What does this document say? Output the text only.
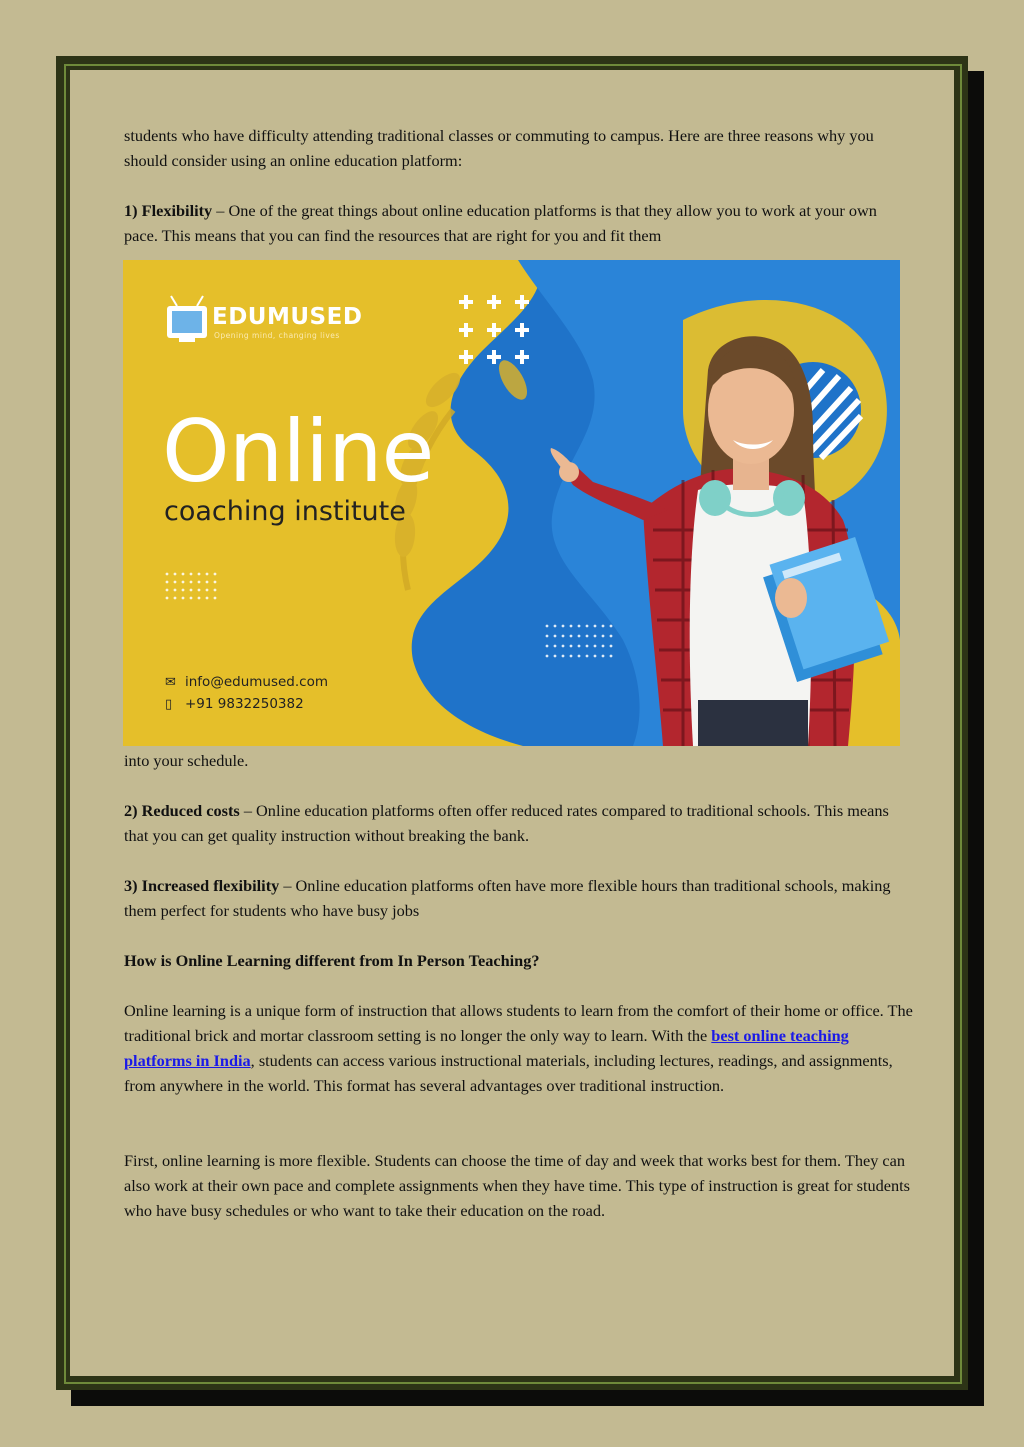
students who have difficulty attending traditional classes or commuting to campus. Here are three reasons why you should consider using an online education platform:

1) Flexibility – One of the great things about online education platforms is that they allow you to work at your own pace. This means that you can find the resources that are right for you and fit them

EDUMUSED
Opening mind, changing lives
Online
coaching institute
✉ info@edumused.com
▯ +91 9832250382

into your schedule.

2) Reduced costs – Online education platforms often offer reduced rates compared to traditional schools. This means that you can get quality instruction without breaking the bank.

3) Increased flexibility – Online education platforms often have more flexible hours than traditional schools, making them perfect for students who have busy jobs

How is Online Learning different from In Person Teaching?

Online learning is a unique form of instruction that allows students to learn from the comfort of their home or office. The traditional brick and mortar classroom setting is no longer the only way to learn. With the best online teaching platforms in India, students can access various instructional materials, including lectures, readings, and assignments, from anywhere in the world. This format has several advantages over traditional instruction.

First, online learning is more flexible. Students can choose the time of day and week that works best for them. They can also work at their own pace and complete assignments when they have time. This type of instruction is great for students who have busy schedules or who want to take their education on the road.
